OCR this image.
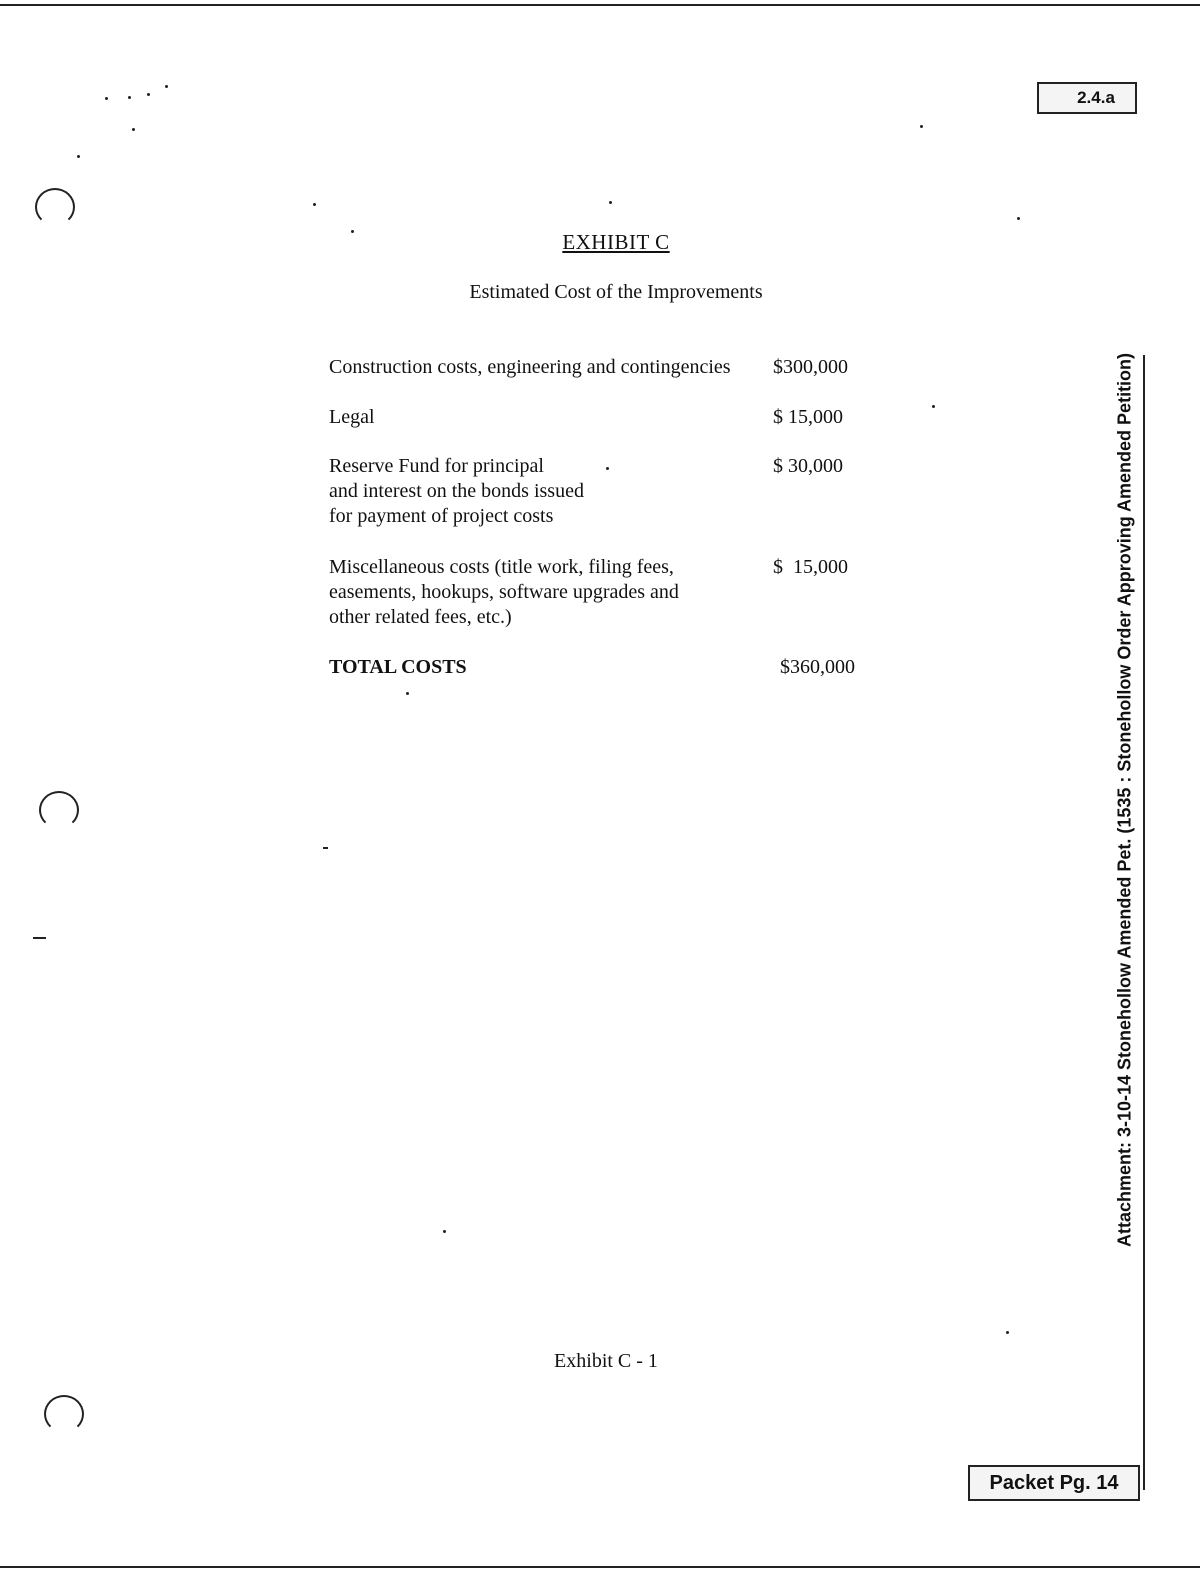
2.4.a
EXHIBIT C
Estimated Cost of the Improvements
Construction costs, engineering and contingencies $300,000
Legal	$ 15,000
Reserve Fund for principal
and interest on the bonds issued
for payment of project costs
$ 30,000
Miscellaneous costs (title work, filing fees,
easements, hookups, software upgrades and
other related fees, etc.)
$  15,000
TOTAL COSTS	$360,000
Exhibit C - 1
Attachment: 3-10-14 Stonehollow Amended Pet. (1535 : Stonehollow Order Approving Amended Petition)
Packet Pg. 14
